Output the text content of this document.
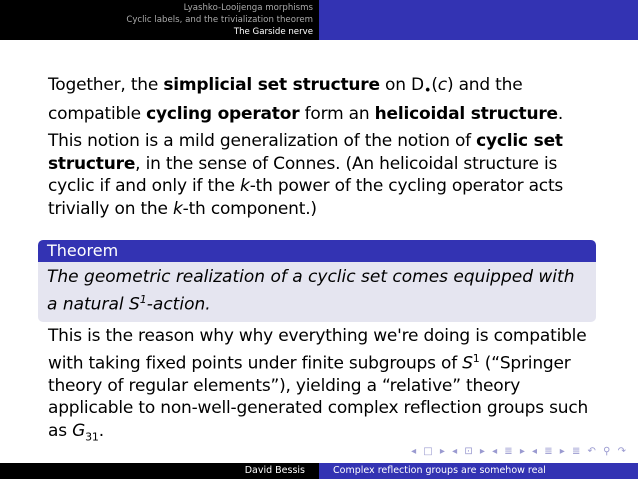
Lyashko-Looijenga morphisms
Cyclic labels, and the trivialization theorem
The Garside nerve
Together, the simplicial set structure on $D_•(c)$ and the compatible cycling operator form an helicoidal structure.
This notion is a mild generalization of the notion of cyclic set structure, in the sense of Connes. (An helicoidal structure is cyclic if and only if the k-th power of the cycling operator acts trivially on the k-th component.)
Theorem
The geometric realization of a cyclic set comes equipped with a natural $S^1$-action.
This is the reason why why everything we're doing is compatible with taking fixed points under finite subgroups of $S^1$ (“Springer theory of regular elements”), yielding a “relative” theory applicable to non-well-generated complex reflection groups such as $G_{31}$.
◂ □ ▸ ◂ ⊡ ▸ ◂ ≣ ▸ ◂ ≣ ▸ ≣ ↶ ⚲ ↷
David Bessis	Complex reflection groups are somehow real
